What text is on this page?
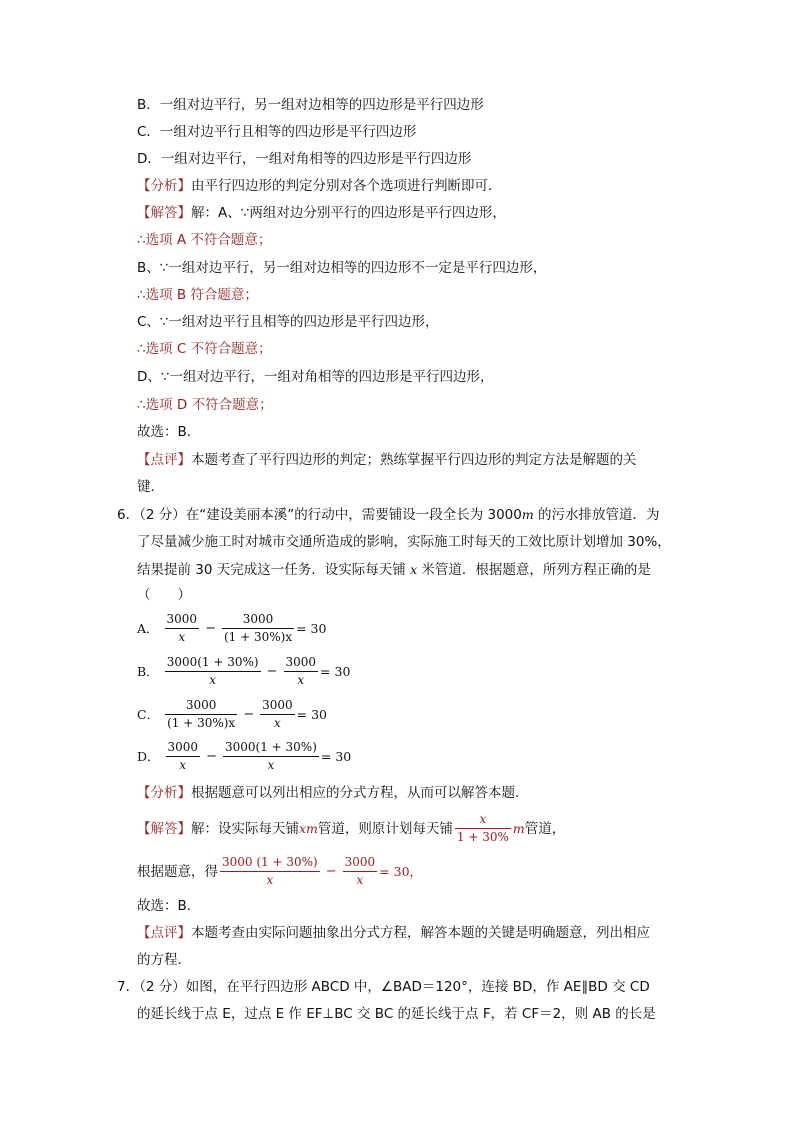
B．一组对边平行，另一组对边相等的四边形是平行四边形
C．一组对边平行且相等的四边形是平行四边形
D．一组对边平行，一组对角相等的四边形是平行四边形
【分析】由平行四边形的判定分别对各个选项进行判断即可．
【解答】解：A、∵两组对边分别平行的四边形是平行四边形，
∴选项 A 不符合题意；
B、∵一组对边平行，另一组对边相等的四边形不一定是平行四边形，
∴选项 B 符合题意；
C、∵一组对边平行且相等的四边形是平行四边形，
∴选项 C 不符合题意；
D、∵一组对边平行，一组对角相等的四边形是平行四边形，
∴选项 D 不符合题意；
故选：B．
【点评】本题考查了平行四边形的判定；熟练掌握平行四边形的判定方法是解题的关
键．
6．（2 分）在“建设美丽本溪”的行动中，需要铺设一段全长为 3000m 的污水排放管道．为
了尽量减少施工时对城市交通所造成的影响，实际施工时每天的工效比原计划增加 30%，
结果提前 30 天完成这一任务．设实际每天铺 x 米管道．根据题意，所列方程正确的是
（　　）
A． $\frac{3000}{x} - \frac{3000}{(1 + 30\%)x} = 30$
B． $\frac{3000(1 + 30\%)}{x} - \frac{3000}{x} = 30$
C． $\frac{3000}{(1 + 30\%)x} - \frac{3000}{x} = 30$
D． $\frac{3000}{x} - \frac{3000(1 + 30\%)}{x} = 30$
【分析】根据题意可以列出相应的分式方程，从而可以解答本题．
【解答】解：设实际每天铺xm管道，则原计划每天铺 $\frac{x}{1 + 30\%}$ m管道，
根据题意，得 $\frac{3000 (1 + 30\%)}{x} - \frac{3000}{x} = 30$，
故选：B．
【点评】本题考查由实际问题抽象出分式方程，解答本题的关键是明确题意，列出相应
的方程．
7．（2 分）如图，在平行四边形 ABCD 中，∠BAD＝120°，连接 BD，作 AE∥BD 交 CD
的延长线于点 E，过点 E 作 EF⊥BC 交 BC 的延长线于点 F，若 CF＝2，则 AB 的长是
